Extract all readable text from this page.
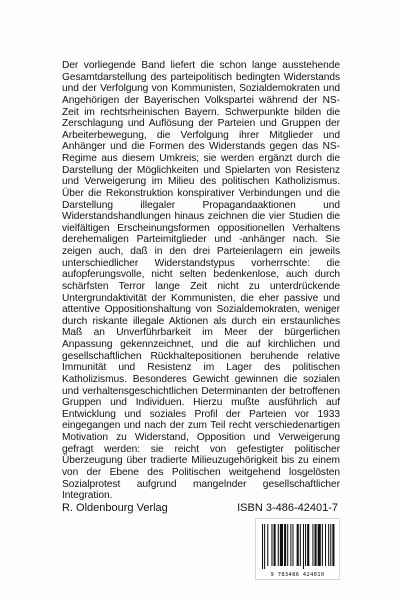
Der vorliegende Band liefert die schon lange ausstehende Gesamtdarstellung des parteipolitisch bedingten Widerstands und der Verfolgung von Kommunisten, Sozialdemokraten und Angehörigen der Bayerischen Volkspartei während der NS-Zeit im rechtsrheinischen Bayern. Schwerpunkte bilden die Zerschlagung und Auflösung der Parteien und Gruppen der Arbeiterbewegung, die Verfolgung ihrer Mitglieder und Anhänger und die Formen des Widerstands gegen das NS-Regime aus diesem Umkreis; sie werden ergänzt durch die Darstellung der Möglichkeiten und Spielarten von Resistenz und Verweigerung im Milieu des politischen Katholizismus. Über die Rekonstruktion konspirativer Verbindungen und die Darstellung illegaler Propagandaaktionen und Widerstandshandlungen hinaus zeichnen die vier Studien die vielfältigen Erscheinungsformen oppositionellen Verhaltens derehemaligen Parteimitglieder und -anhänger nach. Sie zeigen auch, daß in den drei Parteienlagern ein jeweils unterschiedlicher Widerstandstypus vorherrschte: die aufopferungsvolle, nicht selten bedenkenlose, auch durch schärfsten Terror lange Zeit nicht zu unterdrückende Untergrundaktivität der Kommunisten, die eher passive und attentive Oppositionshaltung von Sozialdemokraten, weniger durch riskante illegale Aktionen als durch ein erstaunliches Maß an Unverführbarkeit im Meer der bürgerlichen Anpassung gekennzeichnet, und die auf kirchlichen und gesellschaftlichen Rückhaltepositionen beruhende relative Immunität und Resistenz im Lager des politischen Katholizismus. Besonderes Gewicht gewinnen die sozialen und verhaltensgeschichtlichen Determinanten der betroffenen Gruppen und Individuen. Hierzu mußte ausführlich auf Entwicklung und soziales Profil der Parteien vor 1933 eingegangen und nach der zum Teil recht verschiedenartigen Motivation zu Widerstand, Opposition und Verweigerung gefragt werden: sie reicht von gefestigter politischer Überzeugung über tradierte Milieuzugehörigkeit bis zu einem von der Ebene des Politischen weitgehend losgelösten Sozialprotest aufgrund mangelnder gesellschaftlicher Integration.

R. Oldenbourg Verlag	ISBN 3-486-42401-7
9 783486 424010
